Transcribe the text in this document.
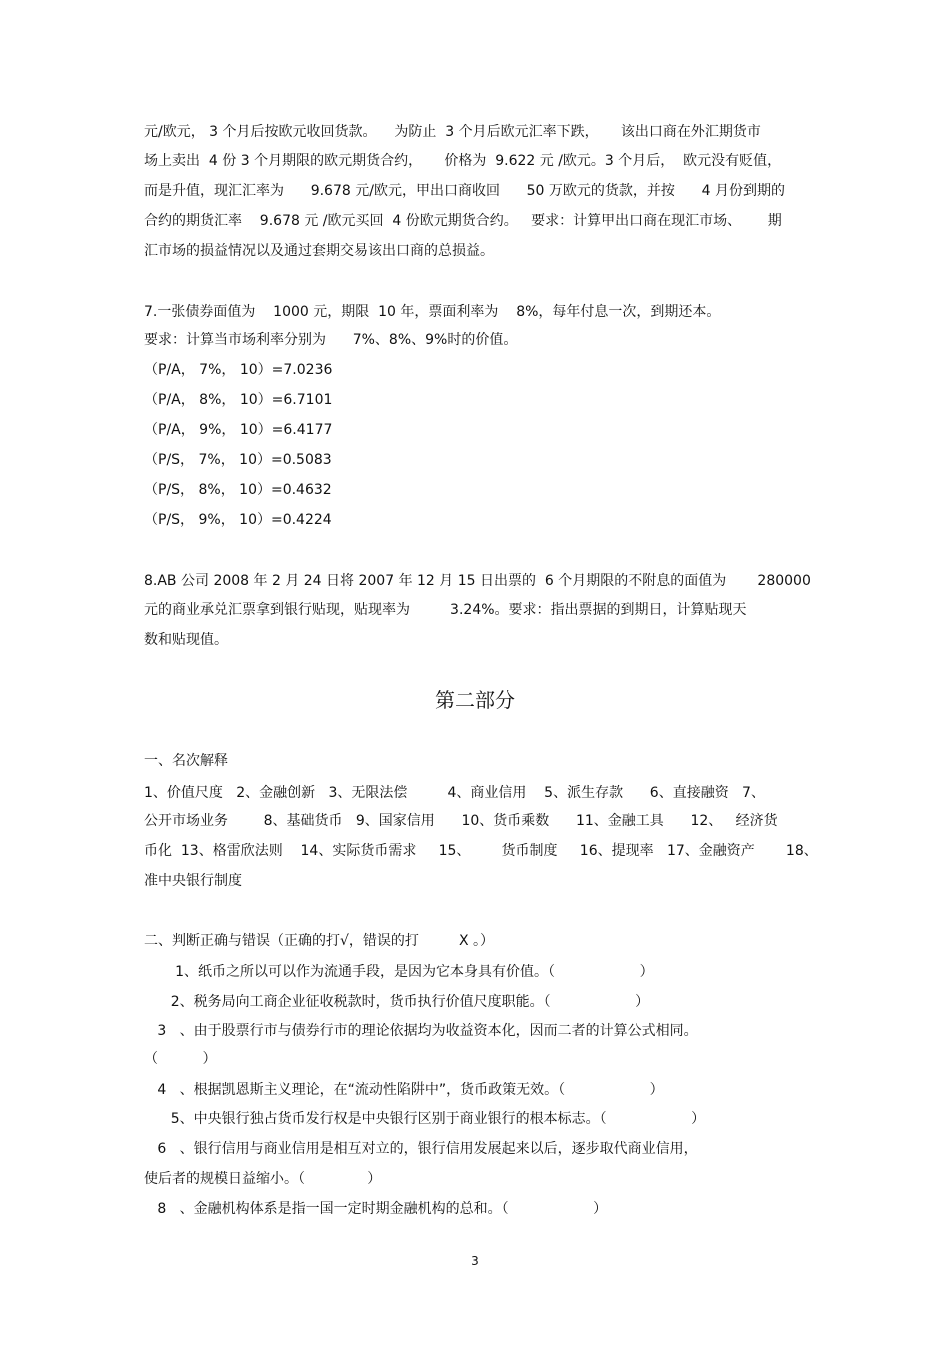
元/欧元， 3 个月后按欧元收回货款。    为防止  3 个月后欧元汇率下跌，     该出口商在外汇期货市
场上卖出  4 份 3 个月期限的欧元期货合约，     价格为  9.622 元 /欧元。3 个月后，  欧元没有贬值，
而是升值，现汇汇率为      9.678 元/欧元，甲出口商收回      50 万欧元的货款，并按      4 月份到期的
合约的期货汇率    9.678 元 /欧元买回  4 份欧元期货合约。   要求：计算甲出口商在现汇市场、      期
汇市场的损益情况以及通过套期交易该出口商的总损益。
7.一张债券面值为    1000 元，期限  10 年，票面利率为    8%，每年付息一次，到期还本。
要求：计算当市场利率分别为      7%、8%、9%时的价值。
（P/A， 7%， 10）=7.0236
（P/A， 8%， 10）=6.7101
（P/A， 9%， 10）=6.4177
（P/S， 7%， 10）=0.5083
（P/S， 8%， 10）=0.4632
（P/S， 9%， 10）=0.4224
8.AB 公司 2008 年 2 月 24 日将 2007 年 12 月 15 日出票的  6 个月期限的不附息的面值为       280000
元的商业承兑汇票拿到银行贴现，贴现率为         3.24%。要求：指出票据的到期日，计算贴现天
数和贴现值。
第二部分
一、名次解释
1、价值尺度   2、金融创新   3、无限法偿         4、商业信用    5、派生存款      6、直接融资   7、
公开市场业务        8、基础货币   9、国家信用      10、货币乘数      11、金融工具      12、   经济货
币化  13、格雷欣法则    14、实际货币需求     15、       货币制度     16、提现率   17、金融资产       18、
准中央银行制度
二、判断正确与错误（正确的打√，错误的打         X 。）
1、纸币之所以可以作为流通手段，是因为它本身具有价值。（                   ）
2、税务局向工商企业征收税款时，货币执行价值尺度职能。（                   ）
3   、由于股票行市与债券行市的理论依据均为收益资本化，因而二者的计算公式相同。
（          ）
4   、根据凯恩斯主义理论，在“流动性陷阱中”，货币政策无效。（                   ）
5、中央银行独占货币发行权是中央银行区别于商业银行的根本标志。（                   ）
6   、银行信用与商业信用是相互对立的，银行信用发展起来以后，逐步取代商业信用，
使后者的规模日益缩小。（              ）
8   、金融机构体系是指一国一定时期金融机构的总和。（                   ）
3
